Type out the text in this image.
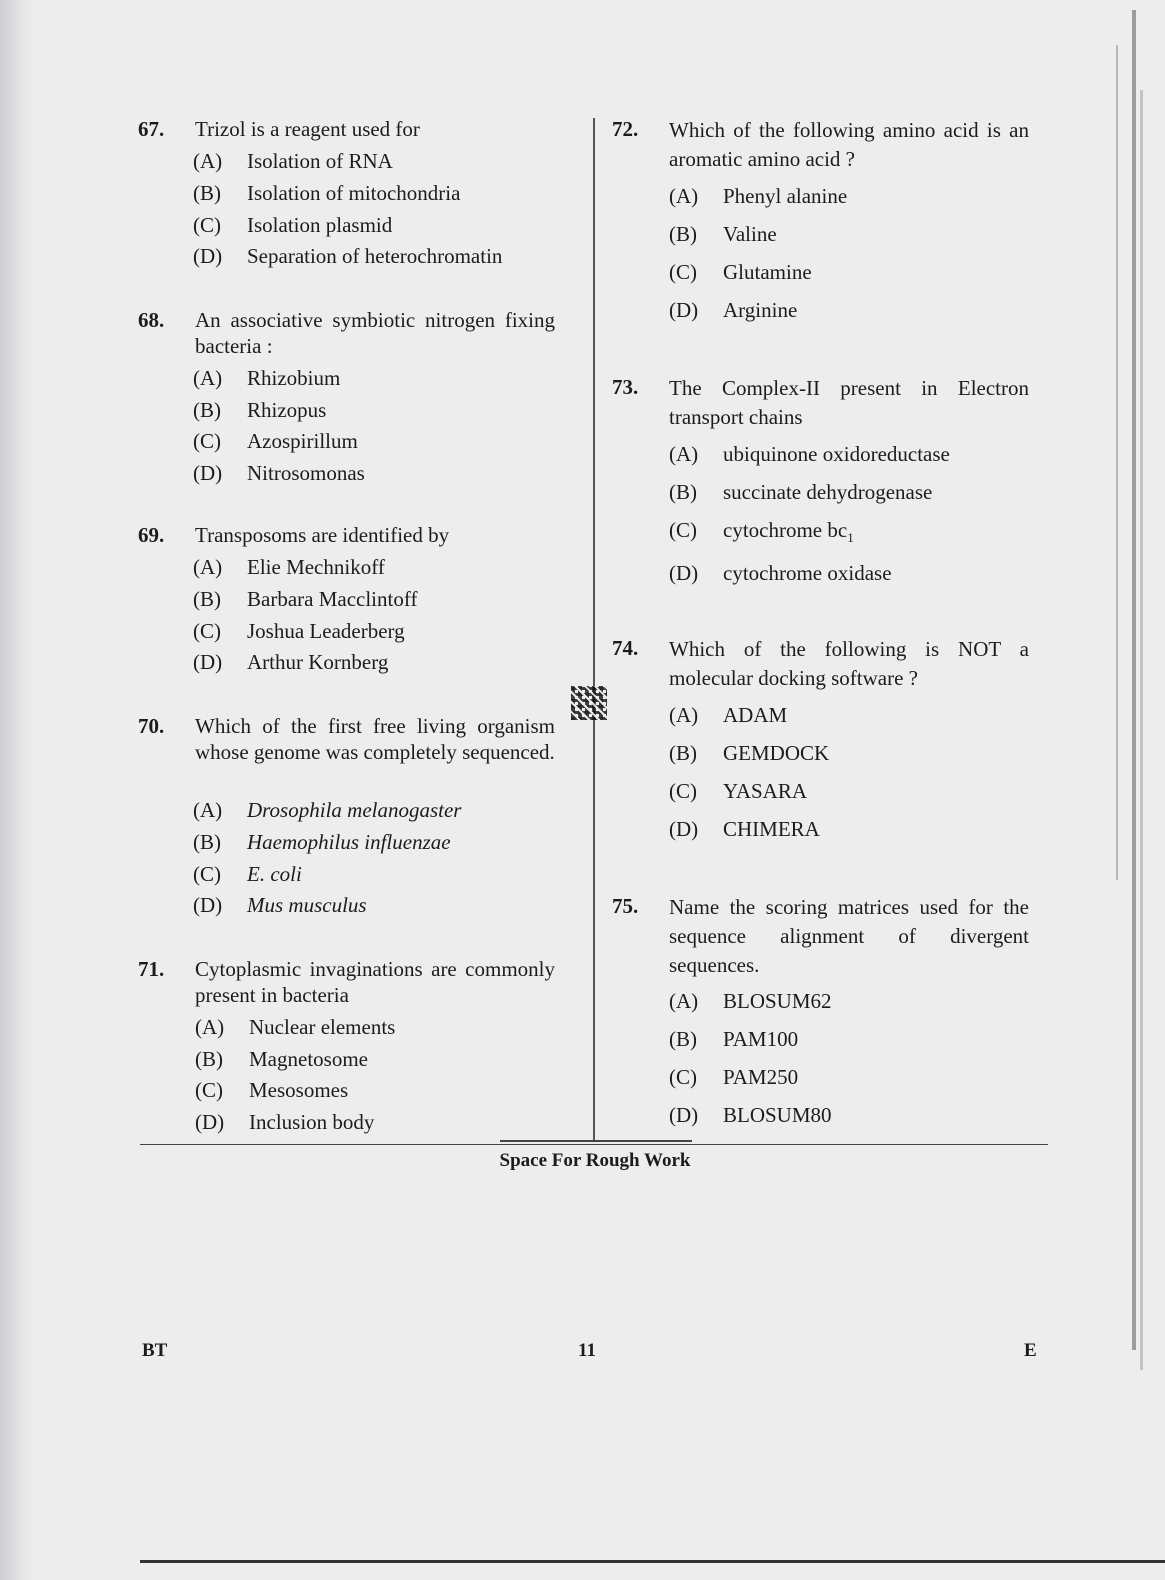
67. Trizol is a reagent used for
(A) Isolation of RNA
(B) Isolation of mitochondria
(C) Isolation plasmid
(D) Separation of heterochromatin
68. An associative symbiotic nitrogen fixing bacteria :
(A) Rhizobium
(B) Rhizopus
(C) Azospirillum
(D) Nitrosomonas
69. Transposoms are identified by
(A) Elie Mechnikoff
(B) Barbara Macclintoff
(C) Joshua Leaderberg
(D) Arthur Kornberg
70. Which of the first free living organism whose genome was completely sequenced.
(A) Drosophila melanogaster
(B) Haemophilus influenzae
(C) E. coli
(D) Mus musculus
71. Cytoplasmic invaginations are commonly present in bacteria
(A) Nuclear elements
(B) Magnetosome
(C) Mesosomes
(D) Inclusion body
72. Which of the following amino acid is an aromatic amino acid ?
(A) Phenyl alanine
(B) Valine
(C) Glutamine
(D) Arginine
73. The Complex-II present in Electron transport chains
(A) ubiquinone oxidoreductase
(B) succinate dehydrogenase
(C) cytochrome $bc_1$
(D) cytochrome oxidase
74. Which of the following is NOT a molecular docking software ?
(A) ADAM
(B) GEMDOCK
(C) YASARA
(D) CHIMERA
75. Name the scoring matrices used for the sequence alignment of divergent sequences.
(A) BLOSUM62
(B) PAM100
(C) PAM250
(D) BLOSUM80
Space For Rough Work
BT	11	E
